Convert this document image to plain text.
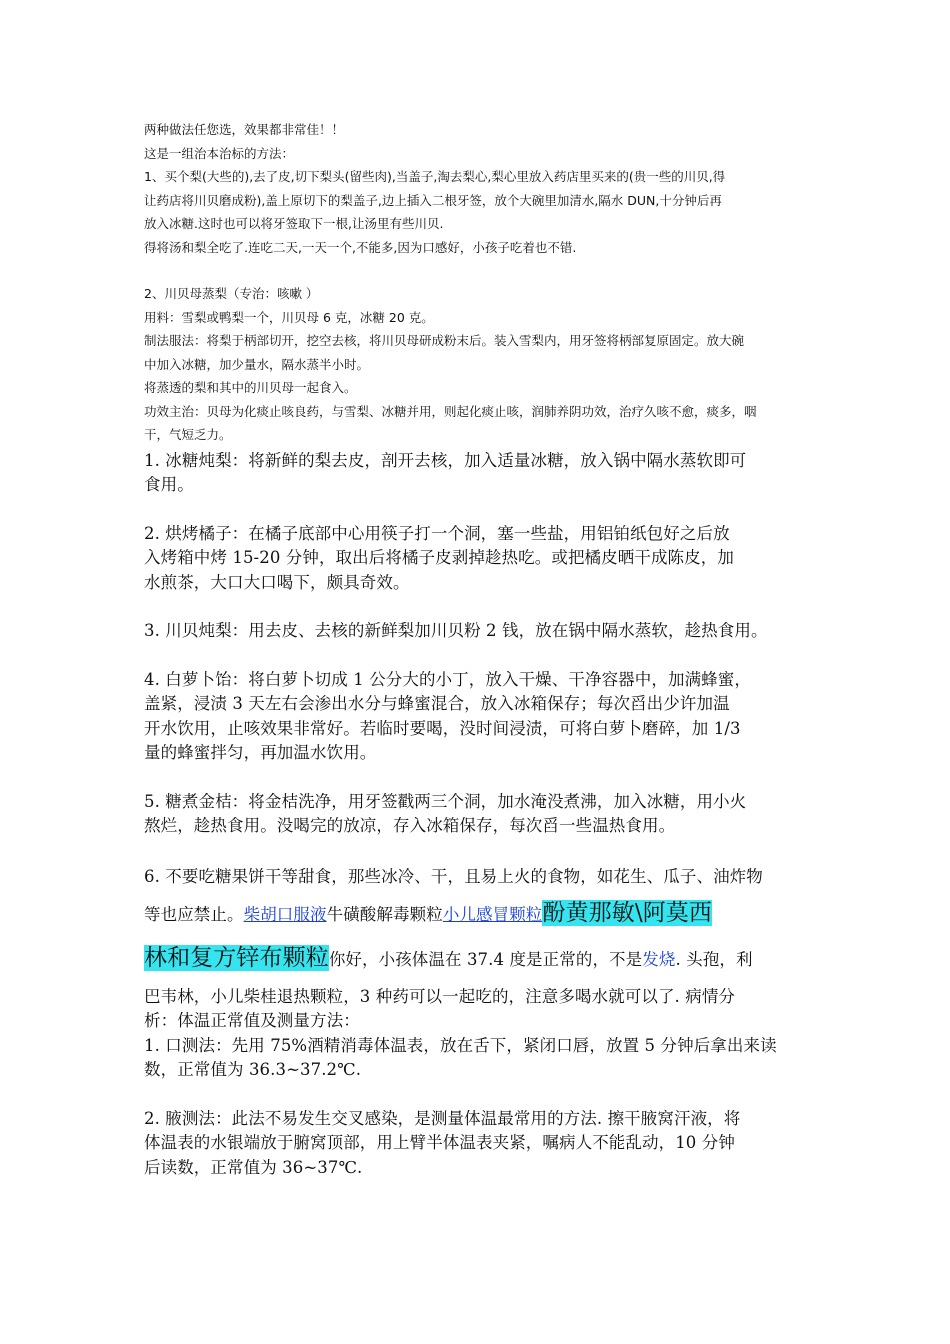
两种做法任您选，效果都非常佳！！

这是一组治本治标的方法：

1、买个梨(大些的),去了皮,切下梨头(留些肉),当盖子,淘去梨心,梨心里放入药店里买来的(贵一些的川贝,得

让药店将川贝磨成粉),盖上原切下的梨盖子,边上插入二根牙签，放个大碗里加清水,隔水 DUN,十分钟后再

放入冰糖.这时也可以将牙签取下一根,让汤里有些川贝.

得将汤和梨全吃了.连吃二天,一天一个,不能多,因为口感好，小孩子吃着也不错.

2、川贝母蒸梨（专治：咳嗽 ）

用料：雪梨或鸭梨一个，川贝母 6 克，冰糖 20 克。

制法服法：将梨于柄部切开，挖空去核，将川贝母研成粉末后。装入雪梨内，用牙签将柄部复原固定。放大碗

中加入冰糖，加少量水，隔水蒸半小时。

将蒸透的梨和其中的川贝母一起食入。

功效主治：贝母为化痰止咳良药，与雪梨、冰糖并用，则起化痰止咳，润肺养阴功效，治疗久咳不愈，痰多，咽

干，气短乏力。

1. 冰糖炖梨：将新鲜的梨去皮，剖开去核，加入适量冰糖，放入锅中隔水蒸软即可

食用。

2. 烘烤橘子：在橘子底部中心用筷子打一个洞，塞一些盐，用铝铂纸包好之后放

入烤箱中烤 15-20 分钟，取出后将橘子皮剥掉趁热吃。或把橘皮晒干成陈皮，加

水煎茶，大口大口喝下，颇具奇效。

3. 川贝炖梨：用去皮、去核的新鲜梨加川贝粉 2 钱，放在锅中隔水蒸软，趁热食用。

4. 白萝卜饴：将白萝卜切成 1 公分大的小丁，放入干燥、干净容器中，加满蜂蜜，

盖紧，浸渍 3 天左右会渗出水分与蜂蜜混合，放入冰箱保存；每次舀出少许加温

开水饮用，止咳效果非常好。若临时要喝，没时间浸渍，可将白萝卜磨碎，加 1/3

量的蜂蜜拌匀，再加温水饮用。

5. 糖煮金桔：将金桔洗净，用牙签戳两三个洞，加水淹没煮沸，加入冰糖，用小火

熬烂，趁热食用。没喝完的放凉，存入冰箱保存，每次舀一些温热食用。

6. 不要吃糖果饼干等甜食，那些冰冷、干，且易上火的食物，如花生、瓜子、油炸物

等也应禁止。柴胡口服液牛磺酸解毒颗粒小儿感冒颗粒酚黄那敏\阿莫西

林和复方锌布颗粒你好，小孩体温在 37.4 度是正常的，不是发烧. 头孢，利

巴韦林，小儿柴桂退热颗粒，3 种药可以一起吃的，注意多喝水就可以了. 病情分

析：体温正常值及测量方法：

1. 口测法：先用 75%酒精消毒体温表，放在舌下，紧闭口唇，放置 5 分钟后拿出来读

数，正常值为 36.3~37.2℃.

2. 腋测法：此法不易发生交叉感染，是测量体温最常用的方法. 擦干腋窝汗液，将

体温表的水银端放于腑窝顶部，用上臂半体温表夹紧，嘱病人不能乱动，10 分钟

后读数，正常值为 36~37℃.
